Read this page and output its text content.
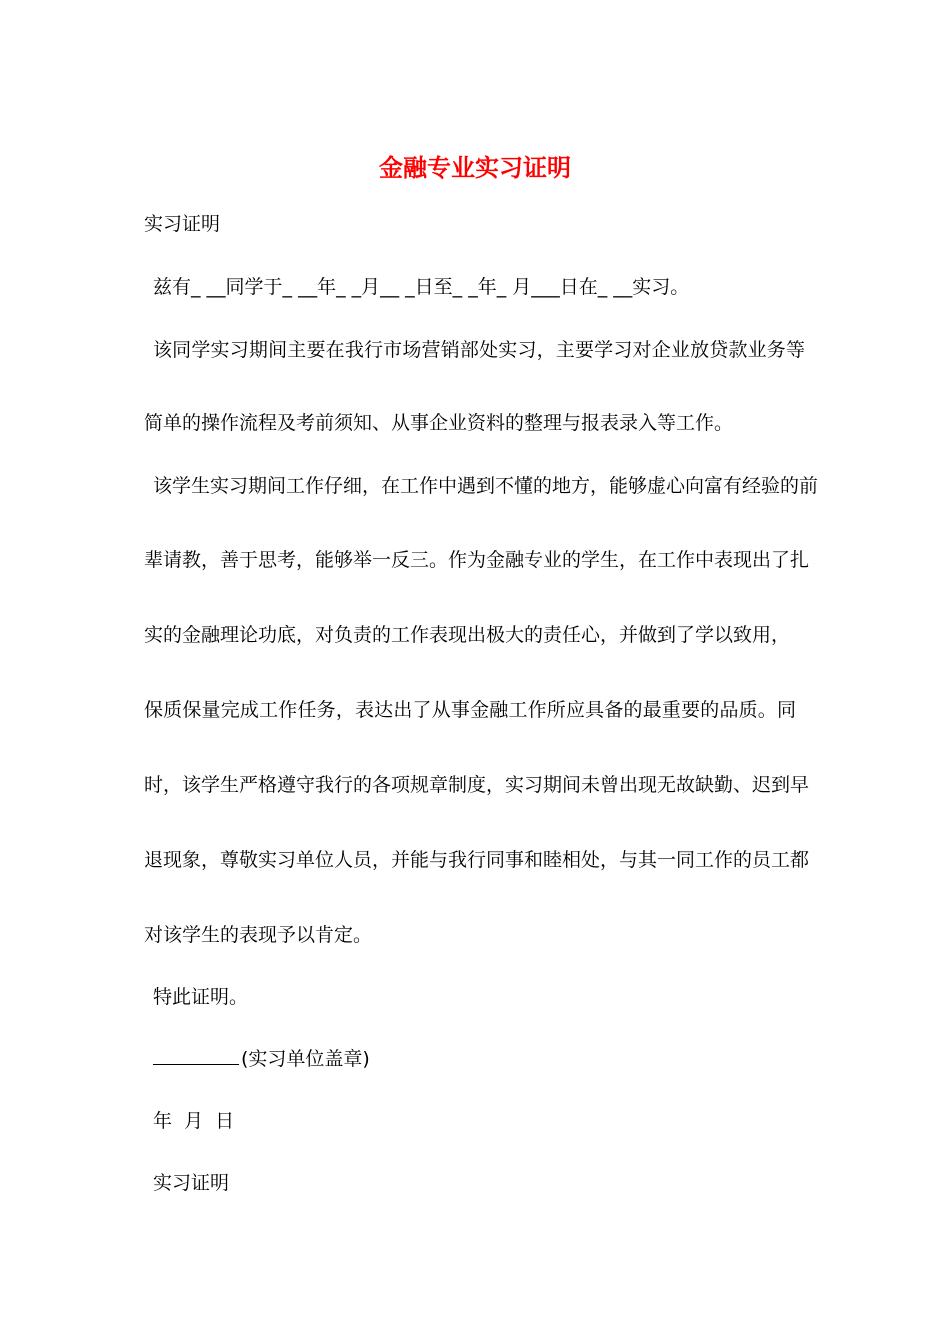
金融专业实习证明
实习证明
兹有_ __同学于_ __年_ _月__ _日至_ _年_ 月___日在_ __实习。
该同学实习期间主要在我行市场营销部处实习，主要学习对企业放贷款业务等
简单的操作流程及考前须知、从事企业资料的整理与报表录入等工作。
该学生实习期间工作仔细，在工作中遇到不懂的地方，能够虚心向富有经验的前
辈请教，善于思考，能够举一反三。作为金融专业的学生，在工作中表现出了扎
实的金融理论功底，对负责的工作表现出极大的责任心，并做到了学以致用，
保质保量完成工作任务，表达出了从事金融工作所应具备的最重要的品质。同
时，该学生严格遵守我行的各项规章制度，实习期间未曾出现无故缺勤、迟到早
退现象，尊敬实习单位人员，并能与我行同事和睦相处，与其一同工作的员工都
对该学生的表现予以肯定。
特此证明。
(实习单位盖章)
年  月  日
实习证明
